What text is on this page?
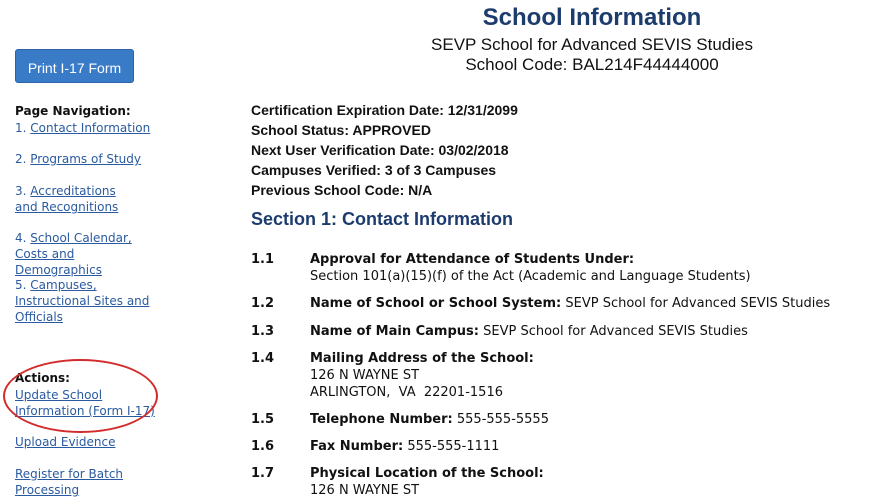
Print I-17 Form
Page Navigation:
1. Contact Information
2. Programs of Study
3. Accreditations and Recognitions
4. School Calendar, Costs and Demographics
5. Campuses, Instructional Sites and Officials
Actions:
Update School Information (Form I-17)
Upload Evidence
Register for Batch Processing
School Information
SEVP School for Advanced SEVIS Studies
School Code: BAL214F44444000
Certification Expiration Date: 12/31/2099
School Status: APPROVED
Next User Verification Date: 03/02/2018
Campuses Verified: 3 of 3 Campuses
Previous School Code: N/A
Section 1: Contact Information
1.1	Approval for Attendance of Students Under:
Section 101(a)(15)(f) of the Act (Academic and Language Students)
1.2	Name of School or School System: SEVP School for Advanced SEVIS Studies
1.3	Name of Main Campus: SEVP School for Advanced SEVIS Studies
1.4	Mailing Address of the School:
126 N WAYNE ST
ARLINGTON,  VA  22201-1516
1.5	Telephone Number: 555-555-5555
1.6	Fax Number: 555-555-1111
1.7	Physical Location of the School:
126 N WAYNE ST
